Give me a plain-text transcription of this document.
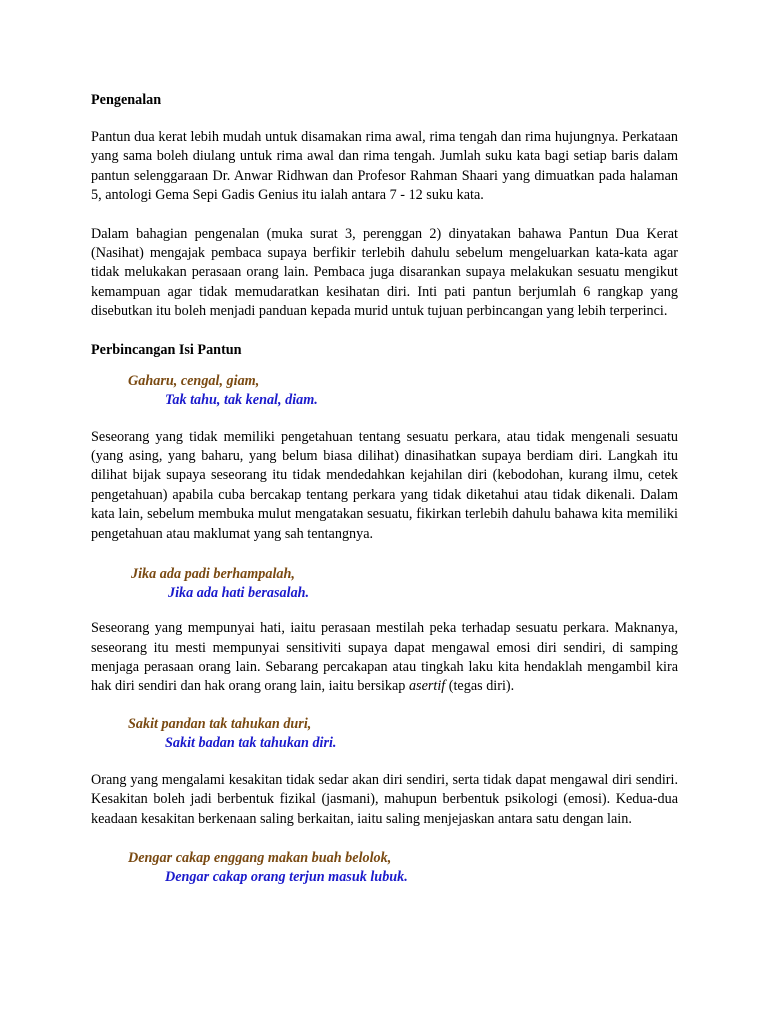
Pengenalan

Pantun dua kerat lebih mudah untuk disamakan rima awal, rima tengah dan rima hujungnya. Perkataan yang sama boleh diulang untuk rima awal dan rima tengah. Jumlah suku kata bagi setiap baris dalam pantun selenggaraan Dr. Anwar Ridhwan dan Profesor Rahman Shaari yang dimuatkan pada halaman 5, antologi Gema Sepi Gadis Genius itu ialah antara 7 - 12 suku kata.

Dalam bahagian pengenalan (muka surat 3, perenggan 2) dinyatakan bahawa Pantun Dua Kerat (Nasihat) mengajak pembaca supaya berfikir terlebih dahulu sebelum mengeluarkan kata-kata agar tidak melukakan perasaan orang lain. Pembaca juga disarankan supaya melakukan sesuatu mengikut kemampuan agar tidak memudaratkan kesihatan diri. Inti pati pantun berjumlah 6 rangkap yang disebutkan itu boleh menjadi panduan kepada murid untuk tujuan perbincangan yang lebih terperinci.

Perbincangan Isi Pantun

Gaharu, cengal, giam,

Tak tahu, tak kenal, diam.

Seseorang yang tidak memiliki pengetahuan tentang sesuatu perkara, atau tidak mengenali sesuatu (yang asing, yang baharu, yang belum biasa dilihat) dinasihatkan supaya berdiam diri. Langkah itu dilihat bijak supaya seseorang itu tidak mendedahkan kejahilan diri (kebodohan, kurang ilmu, cetek pengetahuan) apabila cuba bercakap tentang perkara yang tidak diketahui atau tidak dikenali. Dalam kata lain, sebelum membuka mulut mengatakan sesuatu, fikirkan terlebih dahulu bahawa kita memiliki pengetahuan atau maklumat yang sah tentangnya.

Jika ada padi berhampalah,

Jika ada hati berasalah.

Seseorang yang mempunyai hati, iaitu perasaan mestilah peka terhadap sesuatu perkara. Maknanya, seseorang itu mesti mempunyai sensitiviti supaya dapat mengawal emosi diri sendiri, di samping menjaga perasaan orang lain. Sebarang percakapan atau tingkah laku kita hendaklah mengambil kira hak diri sendiri dan hak orang orang lain, iaitu bersikap asertif (tegas diri).

Sakit pandan tak tahukan duri,

Sakit badan tak tahukan diri.

Orang yang mengalami kesakitan tidak sedar akan diri sendiri, serta tidak dapat mengawal diri sendiri. Kesakitan boleh jadi berbentuk fizikal (jasmani), mahupun berbentuk psikologi (emosi). Kedua-dua keadaan kesakitan berkenaan saling berkaitan, iaitu saling menjejaskan antara satu dengan lain.

Dengar cakap enggang makan buah belolok,

Dengar cakap orang terjun masuk lubuk.
